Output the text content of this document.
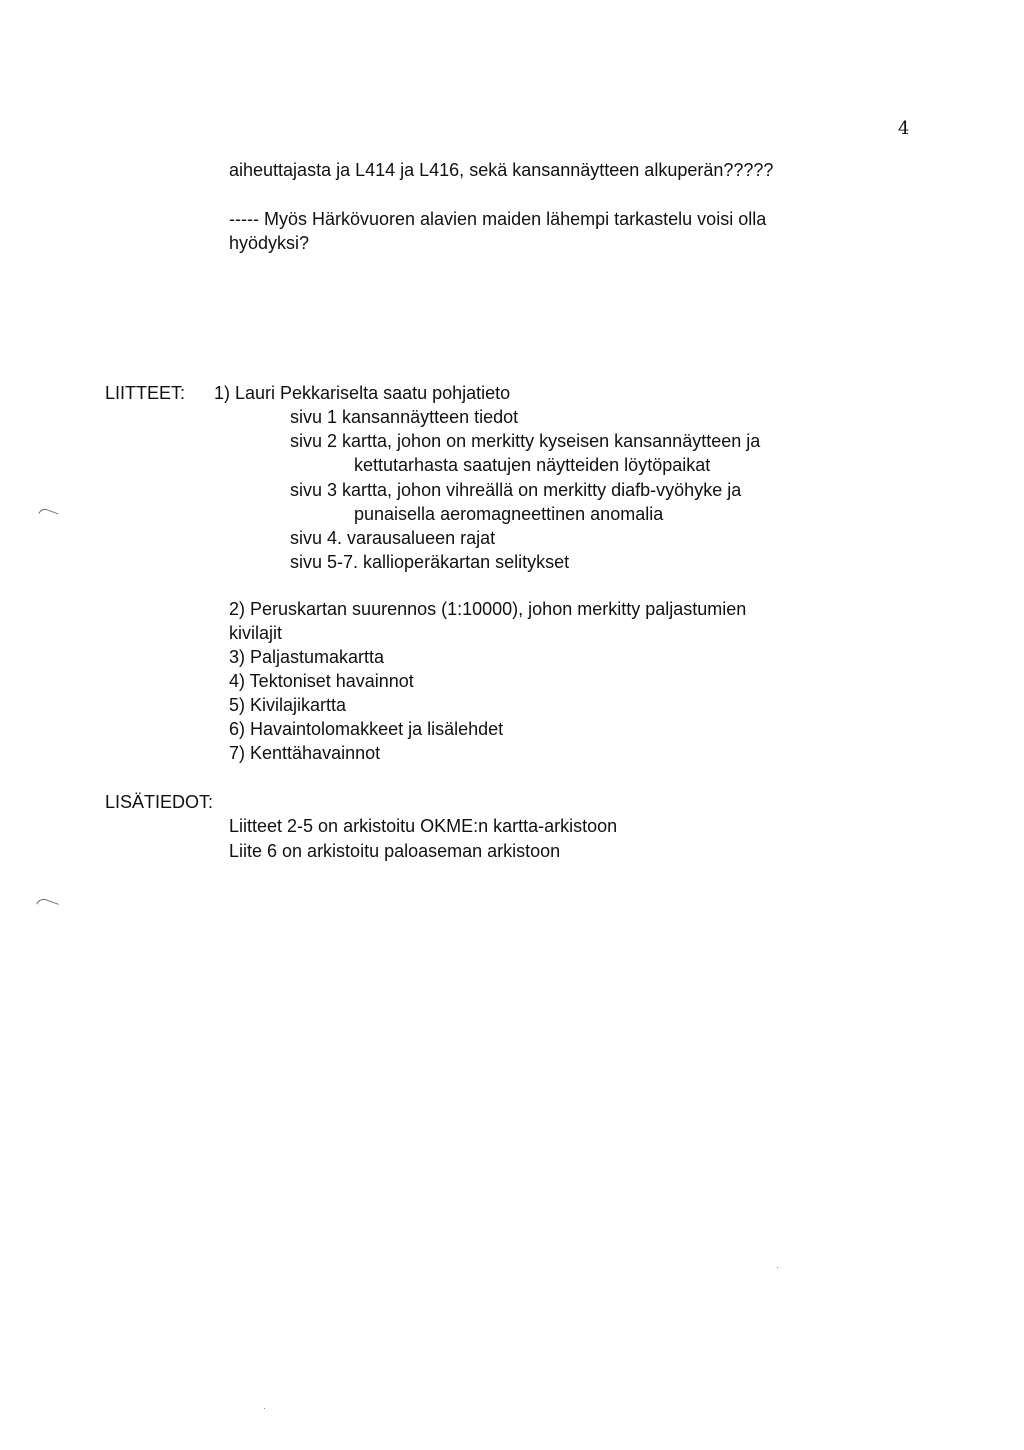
4
aiheuttajasta ja L414 ja L416, sekä kansannäytteen alkuperän?????
----- Myös Härkövuoren alavien maiden lähempi tarkastelu voisi olla
hyödyksi?
LIITTEET: 1) Lauri Pekkariselta saatu pohjatieto
sivu 1 kansannäytteen tiedot
sivu 2 kartta, johon on merkitty kyseisen kansannäytteen ja
kettutarhasta saatujen näytteiden löytöpaikat
sivu 3 kartta, johon vihreällä on merkitty diafb-vyöhyke ja
punaisella aeromagneettinen anomalia
sivu 4. varausalueen rajat
sivu 5-7. kallioperäkartan selitykset
2) Peruskartan suurennos (1:10000), johon merkitty paljastumien
kivilajit
3) Paljastumakartta
4) Tektoniset havainnot
5) Kivilajikartta
6) Havaintolomakkeet ja lisälehdet
7) Kenttähavainnot
LISÄTIEDOT:
Liitteet 2-5 on arkistoitu OKME:n kartta-arkistoon
Liite 6 on arkistoitu paloaseman arkistoon
